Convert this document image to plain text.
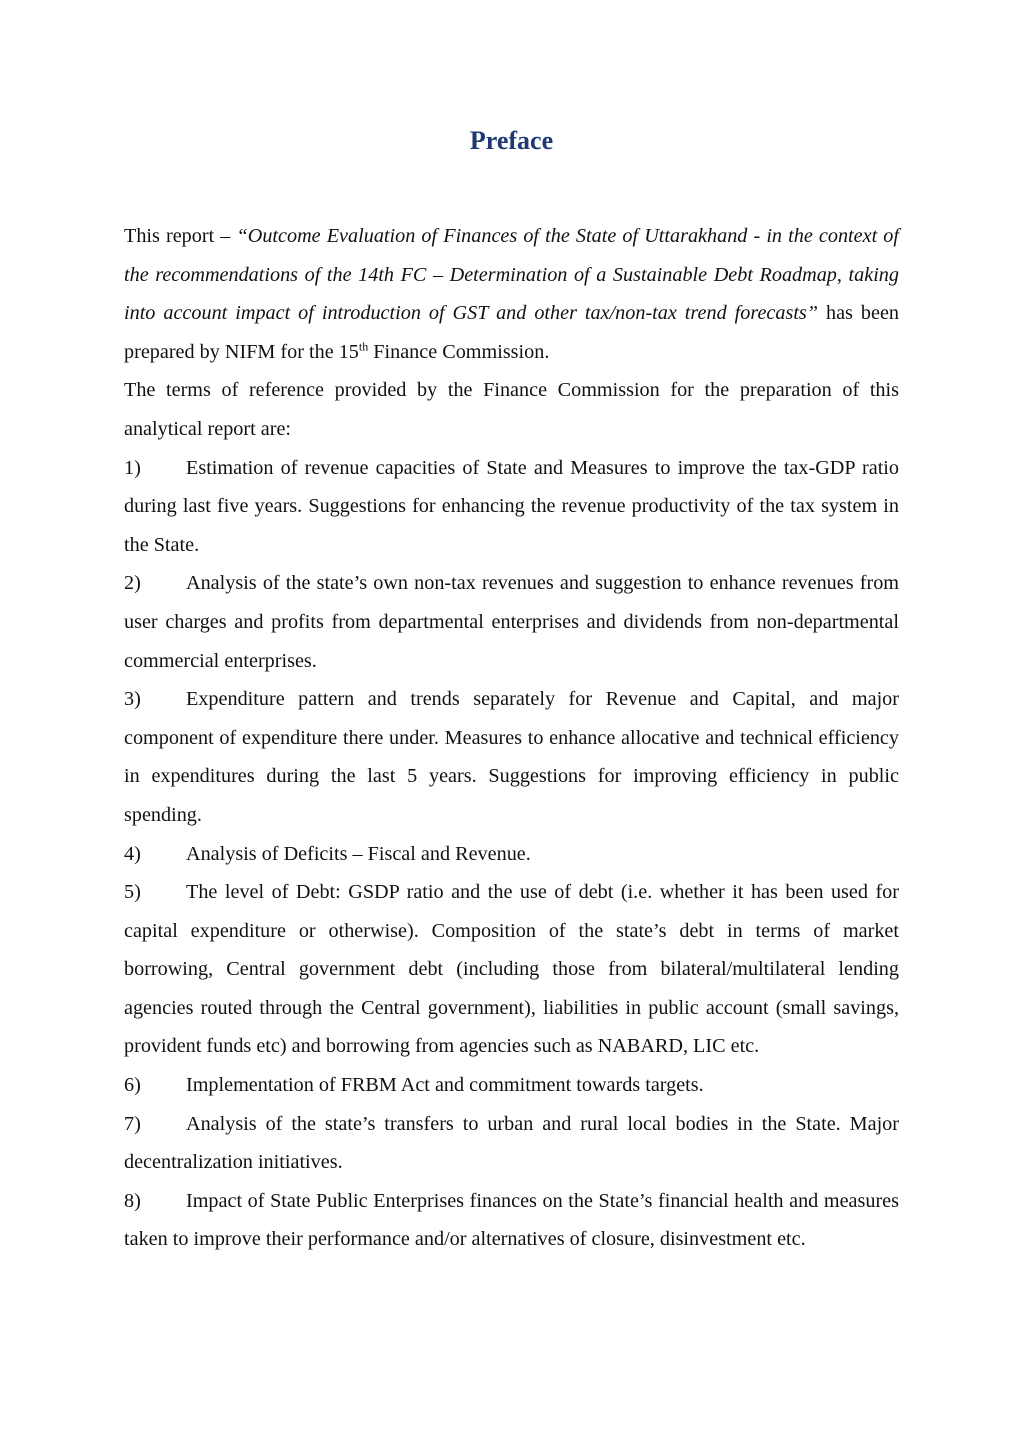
Preface

This report – “Outcome Evaluation of Finances of the State of Uttarakhand - in the context of the recommendations of the 14th FC – Determination of a Sustainable Debt Roadmap, taking into account impact of introduction of GST and other tax/non-tax trend forecasts” has been prepared by NIFM for the 15th Finance Commission.

The terms of reference provided by the Finance Commission for the preparation of this analytical report are:

1) Estimation of revenue capacities of State and Measures to improve the tax-GDP ratio during last five years. Suggestions for enhancing the revenue productivity of the tax system in the State.

2) Analysis of the state’s own non-tax revenues and suggestion to enhance revenues from user charges and profits from departmental enterprises and dividends from non-departmental commercial enterprises.

3) Expenditure pattern and trends separately for Revenue and Capital, and major component of expenditure there under. Measures to enhance allocative and technical efficiency in expenditures during the last 5 years. Suggestions for improving efficiency in public spending.

4) Analysis of Deficits – Fiscal and Revenue.

5) The level of Debt: GSDP ratio and the use of debt (i.e. whether it has been used for capital expenditure or otherwise). Composition of the state’s debt in terms of market borrowing, Central government debt (including those from bilateral/multilateral lending agencies routed through the Central government), liabilities in public account (small savings, provident funds etc) and borrowing from agencies such as NABARD, LIC etc.

6) Implementation of FRBM Act and commitment towards targets.

7) Analysis of the state’s transfers to urban and rural local bodies in the State. Major decentralization initiatives.

8) Impact of State Public Enterprises finances on the State’s financial health and measures taken to improve their performance and/or alternatives of closure, disinvestment etc.
